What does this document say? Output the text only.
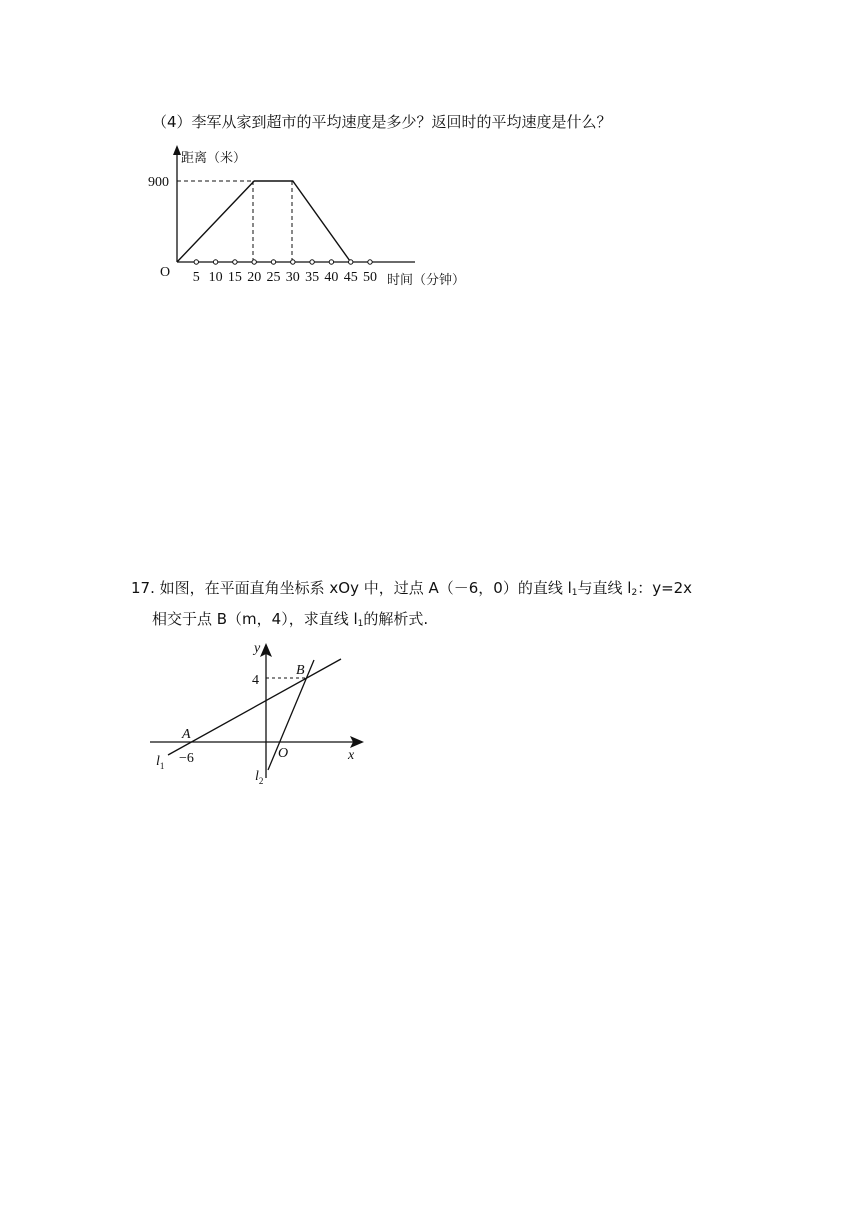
（4）李军从家到超市的平均速度是多少？返回时的平均速度是什么？
距离（米）
900
O
时间（分钟）
5 10 15 20 25 30 35 40 45 50
17. 如图，在平面直角坐标系 xOy 中，过点 A（－6，0）的直线 $l_1$与直线 $l_2$：y=2x
相交于点 B（m，4），求直线 $l_1$的解析式.
y
x
O
A
B
−6
4
$l_1$
$l_2$
